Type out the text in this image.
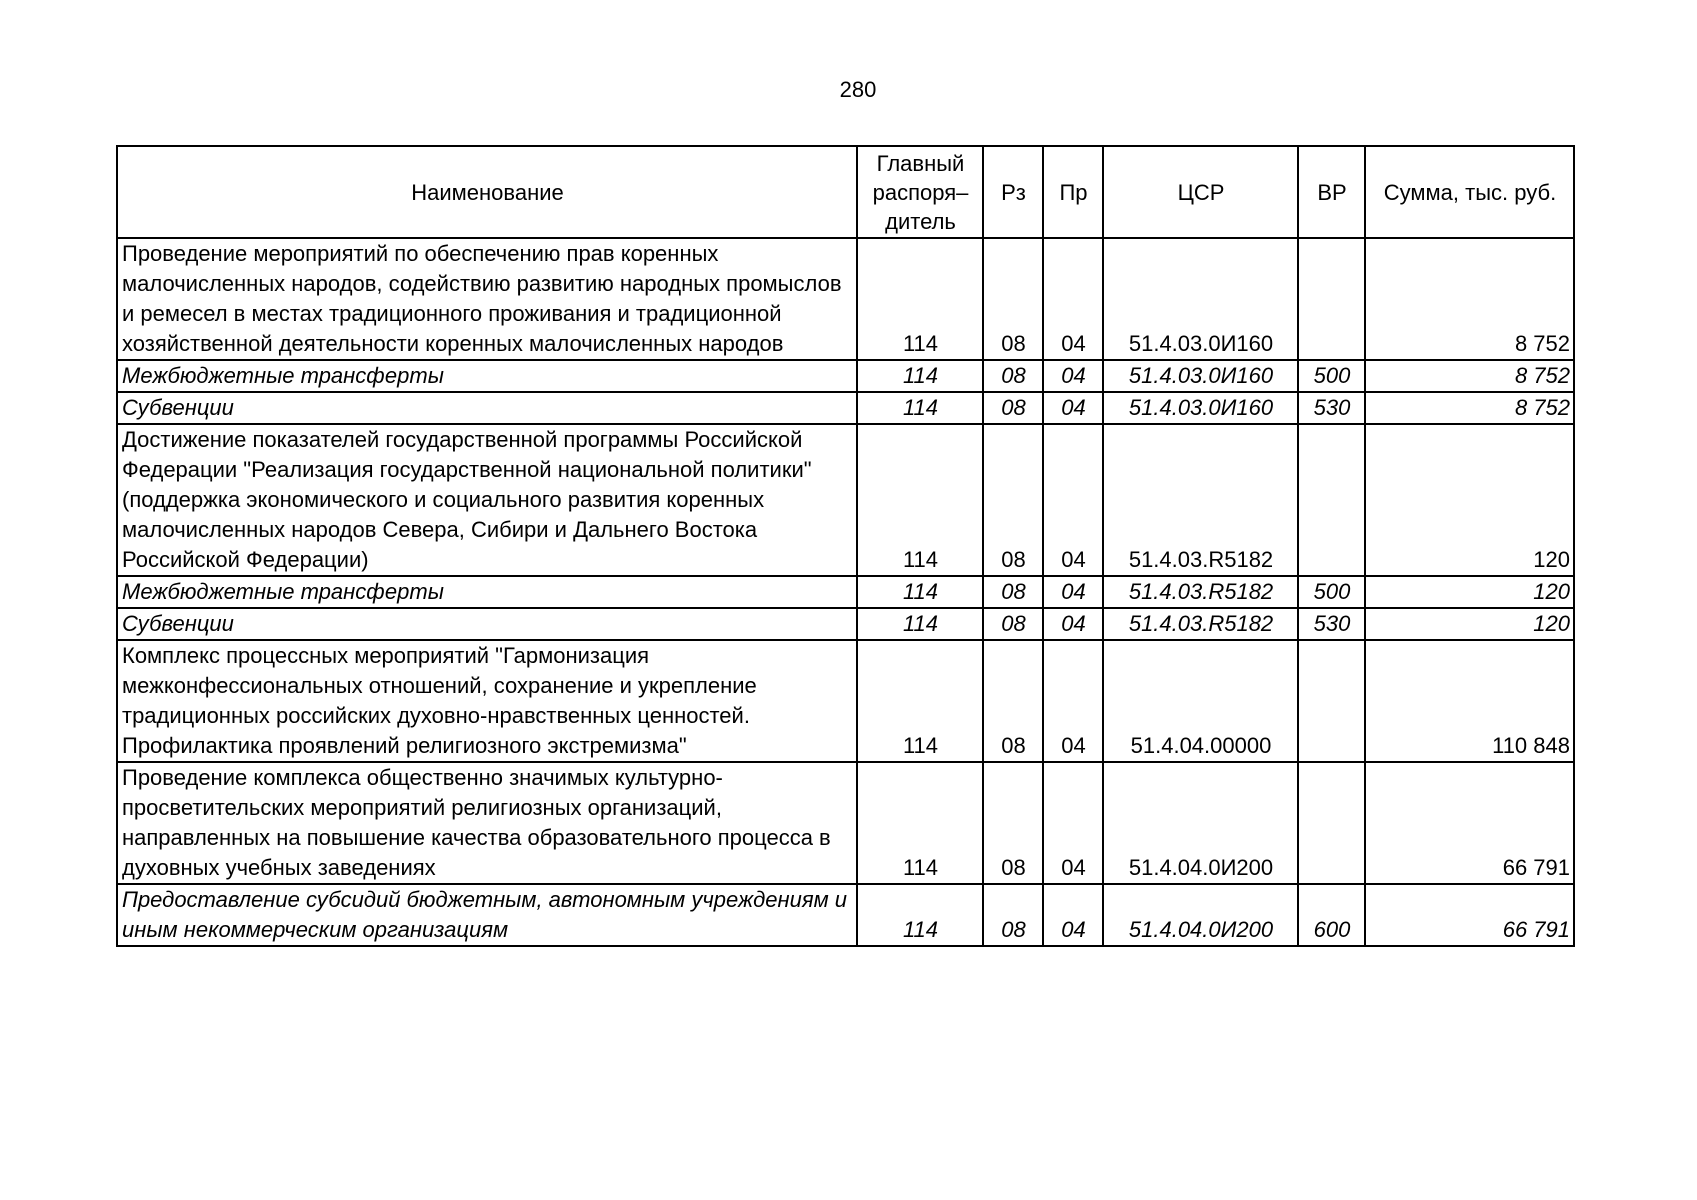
280
Наименование	Главный распоря– дитель	Рз	Пр	ЦСР	ВР	Сумма, тыс. руб.
Проведение мероприятий по обеспечению прав коренных малочисленных народов, содействию развитию народных промыслов и ремесел в местах традиционного проживания и традиционной хозяйственной деятельности коренных малочисленных народов	114	08	04	51.4.03.0И160		8 752
Межбюджетные трансферты	114	08	04	51.4.03.0И160	500	8 752
Субвенции	114	08	04	51.4.03.0И160	530	8 752
Достижение показателей государственной программы Российской Федерации "Реализация государственной национальной политики" (поддержка экономического и социального развития коренных малочисленных народов Севера, Сибири и Дальнего Востока Российской Федерации)	114	08	04	51.4.03.R5182		120
Межбюджетные трансферты	114	08	04	51.4.03.R5182	500	120
Субвенции	114	08	04	51.4.03.R5182	530	120
Комплекс процессных мероприятий "Гармонизация межконфессиональных отношений, сохранение и укрепление традиционных российских духовно-нравственных ценностей. Профилактика проявлений религиозного экстремизма"	114	08	04	51.4.04.00000		110 848
Проведение комплекса общественно значимых культурно-просветительских мероприятий религиозных организаций, направленных на повышение качества образовательного процесса в духовных учебных заведениях	114	08	04	51.4.04.0И200		66 791
Предоставление субсидий бюджетным, автономным учреждениям и иным некоммерческим организациям	114	08	04	51.4.04.0И200	600	66 791
